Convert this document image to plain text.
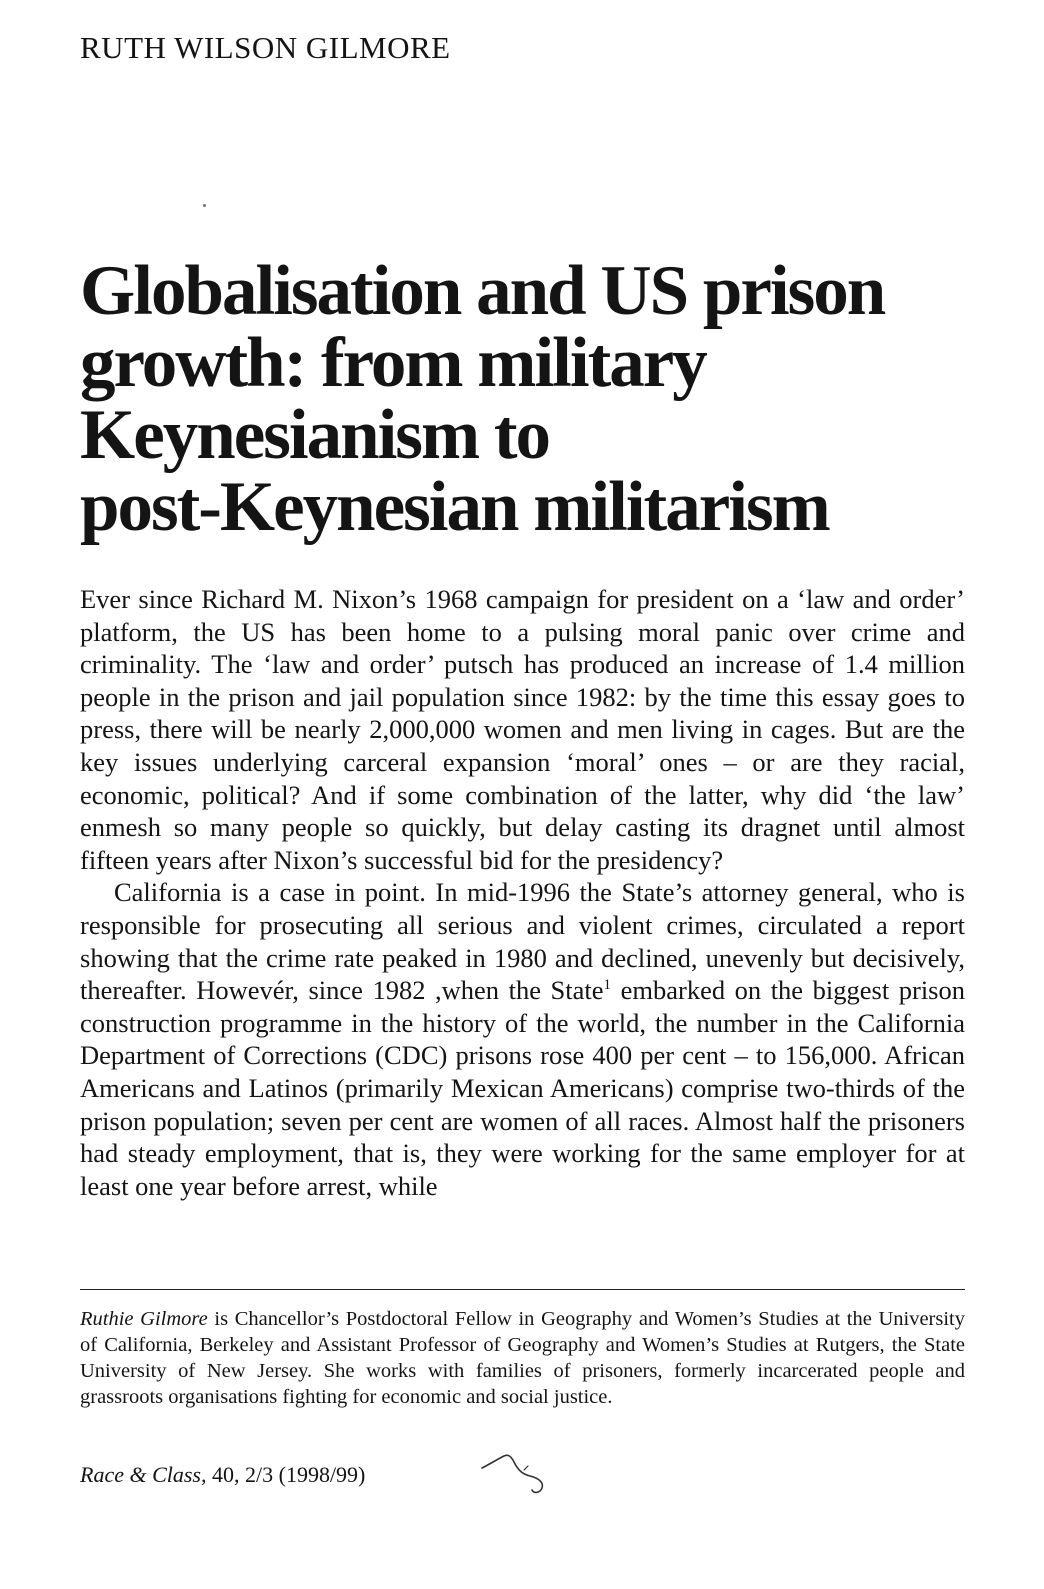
RUTH WILSON GILMORE
Globalisation and US prison
growth: from military
Keynesianism to
post-Keynesian militarism

Ever since Richard M. Nixon’s 1968 campaign for president on a ‘law and order’ platform, the US has been home to a pulsing moral panic over crime and criminality. The ‘law and order’ putsch has produced an increase of 1.4 million people in the prison and jail population since 1982: by the time this essay goes to press, there will be nearly 2,000,000 women and men living in cages. But are the key issues underlying carceral expansion ‘moral’ ones – or are they racial, economic, political? And if some combination of the latter, why did ‘the law’ enmesh so many people so quickly, but delay casting its dragnet until almost fifteen years after Nixon’s successful bid for the presidency?

California is a case in point. In mid-1996 the State’s attorney general, who is responsible for prosecuting all serious and violent crimes, circulated a report showing that the crime rate peaked in 1980 and declined, unevenly but decisively, thereafter. Howevér, since 1982 ,when the State$^1$ embarked on the biggest prison construction programme in the history of the world, the number in the California Department of Corrections (CDC) prisons rose 400 per cent – to 156,000. African Americans and Latinos (primarily Mexican Americans) comprise two-thirds of the prison population; seven per cent are women of all races. Almost half the prisoners had steady employment, that is, they were working for the same employer for at least one year before arrest, while

Ruthie Gilmore is Chancellor’s Postdoctoral Fellow in Geography and Women’s Studies at the University of California, Berkeley and Assistant Professor of Geography and Women’s Studies at Rutgers, the State University of New Jersey. She works with families of prisoners, formerly incarcerated people and grassroots organisations fighting for economic and social justice.
Race & Class, 40, 2/3 (1998/99)
